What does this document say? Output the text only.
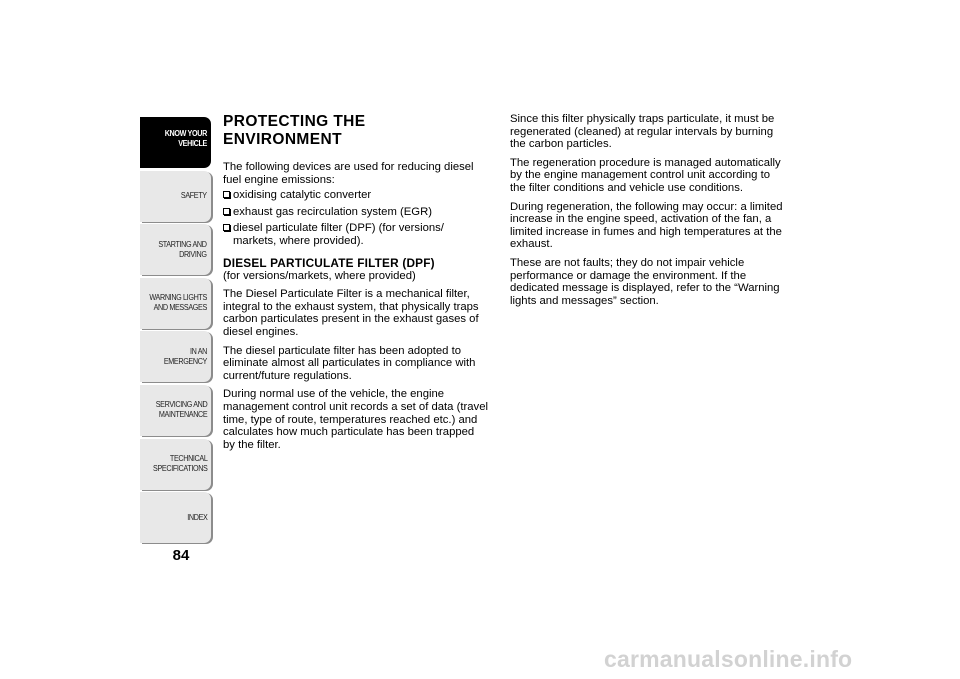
KNOW YOUR
VEHICLE
SAFETY
STARTING AND
DRIVING
WARNING LIGHTS
AND MESSAGES
IN AN EMERGENCY
SERVICING AND
MAINTENANCE
TECHNICAL
SPECIFICATIONS
INDEX
84
PROTECTING THE ENVIRONMENT

The following devices are used for reducing diesel fuel engine emissions:

oxidising catalytic converter
exhaust gas recirculation system (EGR)
diesel particulate filter (DPF) (for versions/ markets, where provided).
DIESEL PARTICULATE FILTER (DPF)

(for versions/markets, where provided)

The Diesel Particulate Filter is a mechanical filter, integral to the exhaust system, that physically traps carbon particulates present in the exhaust gases of diesel engines.

The diesel particulate filter has been adopted to eliminate almost all particulates in compliance with current/future regulations.

During normal use of the vehicle, the engine management control unit records a set of data (travel time, type of route, temperatures reached etc.) and calculates how much particulate has been trapped by the filter.

Since this filter physically traps particulate, it must be regenerated (cleaned) at regular intervals by burning the carbon particles.

The regeneration procedure is managed automatically by the engine management control unit according to the filter conditions and vehicle use conditions.

During regeneration, the following may occur: a limited increase in the engine speed, activation of the fan, a limited increase in fumes and high temperatures at the exhaust.

These are not faults; they do not impair vehicle performance or damage the environment. If the dedicated message is displayed, refer to the “Warning lights and messages” section.

carmanualsonline.info
